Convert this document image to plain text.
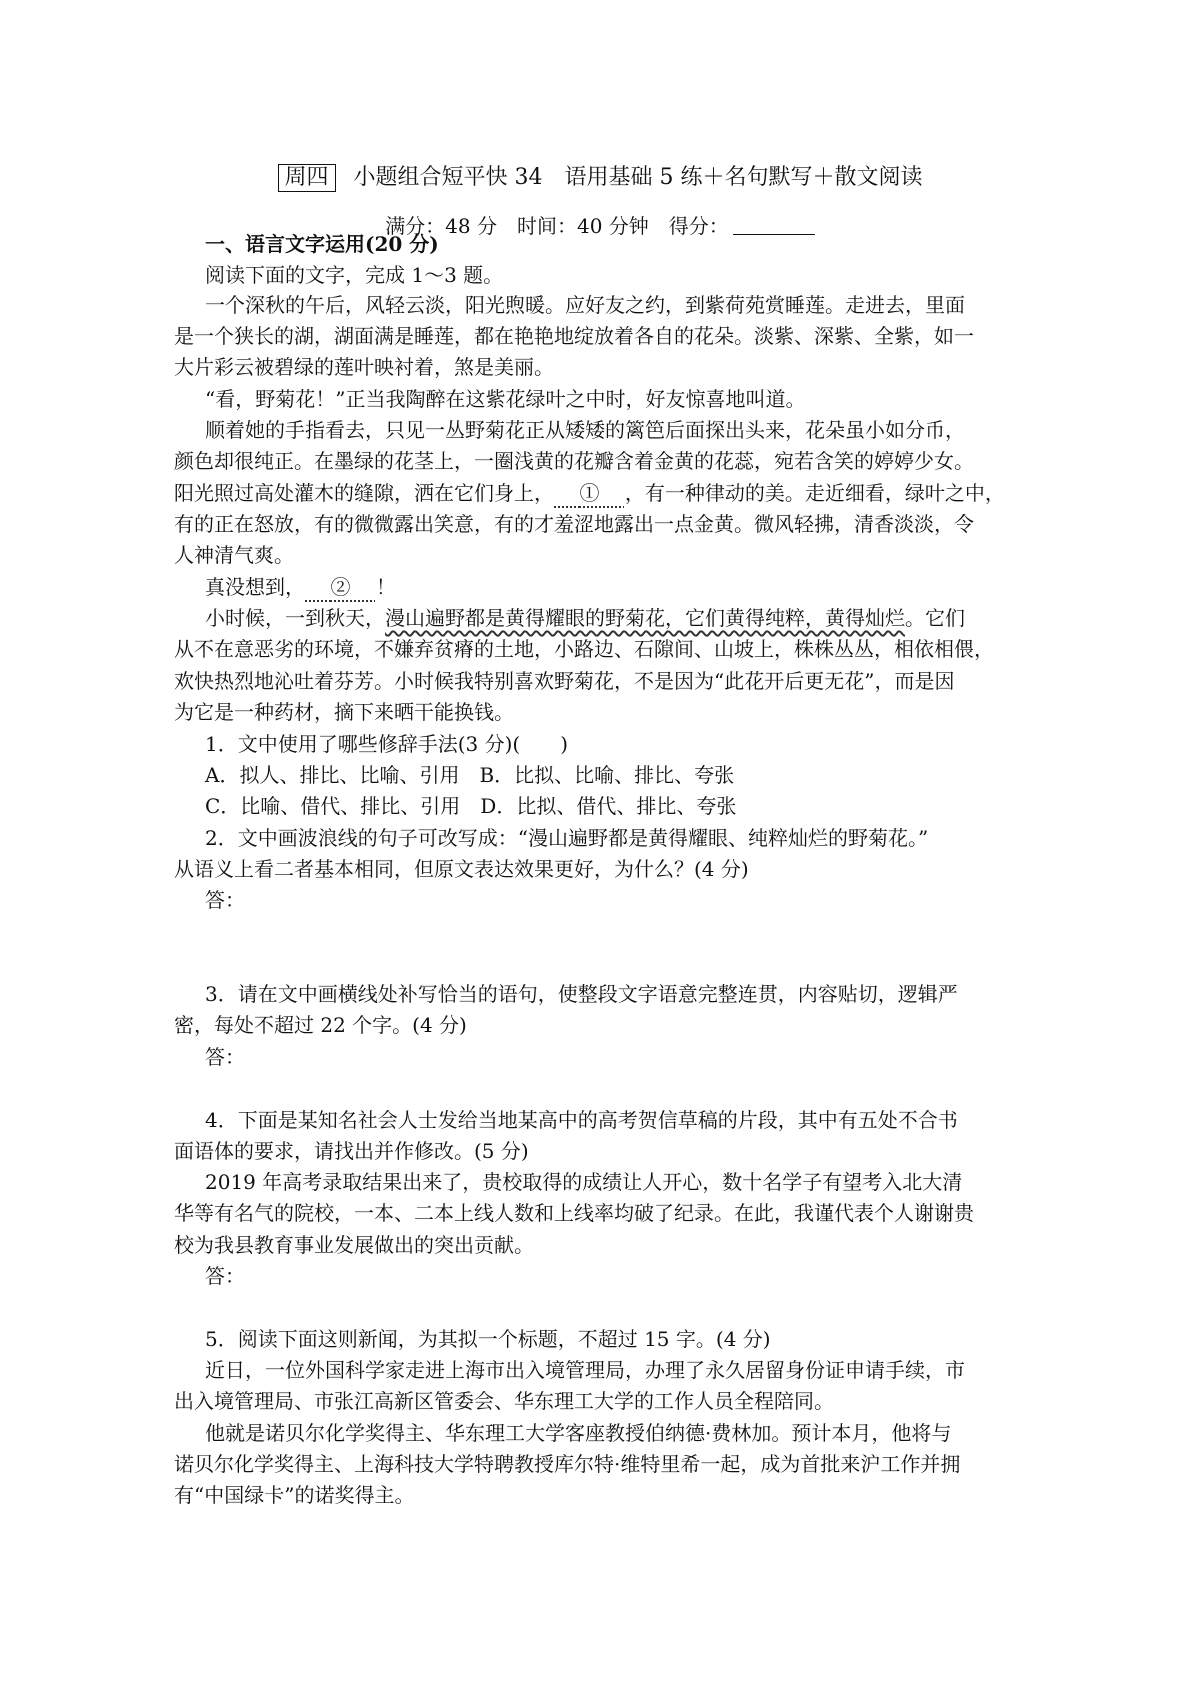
周四 小题组合短平快 34　语用基础 5 练＋名句默写＋散文阅读
满分：48 分　时间：40 分钟　得分：
一、语言文字运用(20 分)
阅读下面的文字，完成 1～3 题。
一个深秋的午后，风轻云淡，阳光煦暖。应好友之约，到紫荷苑赏睡莲。走进去，里面
是一个狭长的湖，湖面满是睡莲，都在艳艳地绽放着各自的花朵。淡紫、深紫、全紫，如一
大片彩云被碧绿的莲叶映衬着，煞是美丽。
“看，野菊花！”正当我陶醉在这紫花绿叶之中时，好友惊喜地叫道。
顺着她的手指看去，只见一丛野菊花正从矮矮的篱笆后面探出头来，花朵虽小如分币，
颜色却很纯正。在墨绿的花茎上，一圈浅黄的花瓣含着金黄的花蕊，宛若含笑的婷婷少女。
阳光照过高处灌木的缝隙，洒在它们身上， ① ，有一种律动的美。走近细看，绿叶之中，
有的正在怒放，有的微微露出笑意，有的才羞涩地露出一点金黄。微风轻拂，清香淡淡，令
人神清气爽。
真没想到， ② ！
小时候，一到秋天，漫山遍野都是黄得耀眼的野菊花，它们黄得纯粹，黄得灿烂。它们
从不在意恶劣的环境，不嫌弃贫瘠的土地，小路边、石隙间、山坡上，株株丛丛，相依相偎，
欢快热烈地沁吐着芬芳。小时候我特别喜欢野菊花，不是因为“此花开后更无花”，而是因
为它是一种药材，摘下来晒干能换钱。
1．文中使用了哪些修辞手法(3 分)(　　)
A．拟人、排比、比喻、引用　B．比拟、比喻、排比、夸张
C．比喻、借代、排比、引用　D．比拟、借代、排比、夸张
2．文中画波浪线的句子可改写成：“漫山遍野都是黄得耀眼、纯粹灿烂的野菊花。”
从语义上看二者基本相同，但原文表达效果更好，为什么？(4 分)
答：
3．请在文中画横线处补写恰当的语句，使整段文字语意完整连贯，内容贴切，逻辑严
密，每处不超过 22 个字。(4 分)
答：
4．下面是某知名社会人士发给当地某高中的高考贺信草稿的片段，其中有五处不合书
面语体的要求，请找出并作修改。(5 分)
2019 年高考录取结果出来了，贵校取得的成绩让人开心，数十名学子有望考入北大清
华等有名气的院校，一本、二本上线人数和上线率均破了纪录。在此，我谨代表个人谢谢贵
校为我县教育事业发展做出的突出贡献。
答：
5．阅读下面这则新闻，为其拟一个标题，不超过 15 字。(4 分)
近日，一位外国科学家走进上海市出入境管理局，办理了永久居留身份证申请手续，市
出入境管理局、市张江高新区管委会、华东理工大学的工作人员全程陪同。
他就是诺贝尔化学奖得主、华东理工大学客座教授伯纳德·费林加。预计本月，他将与
诺贝尔化学奖得主、上海科技大学特聘教授库尔特·维特里希一起，成为首批来沪工作并拥
有“中国绿卡”的诺奖得主。
